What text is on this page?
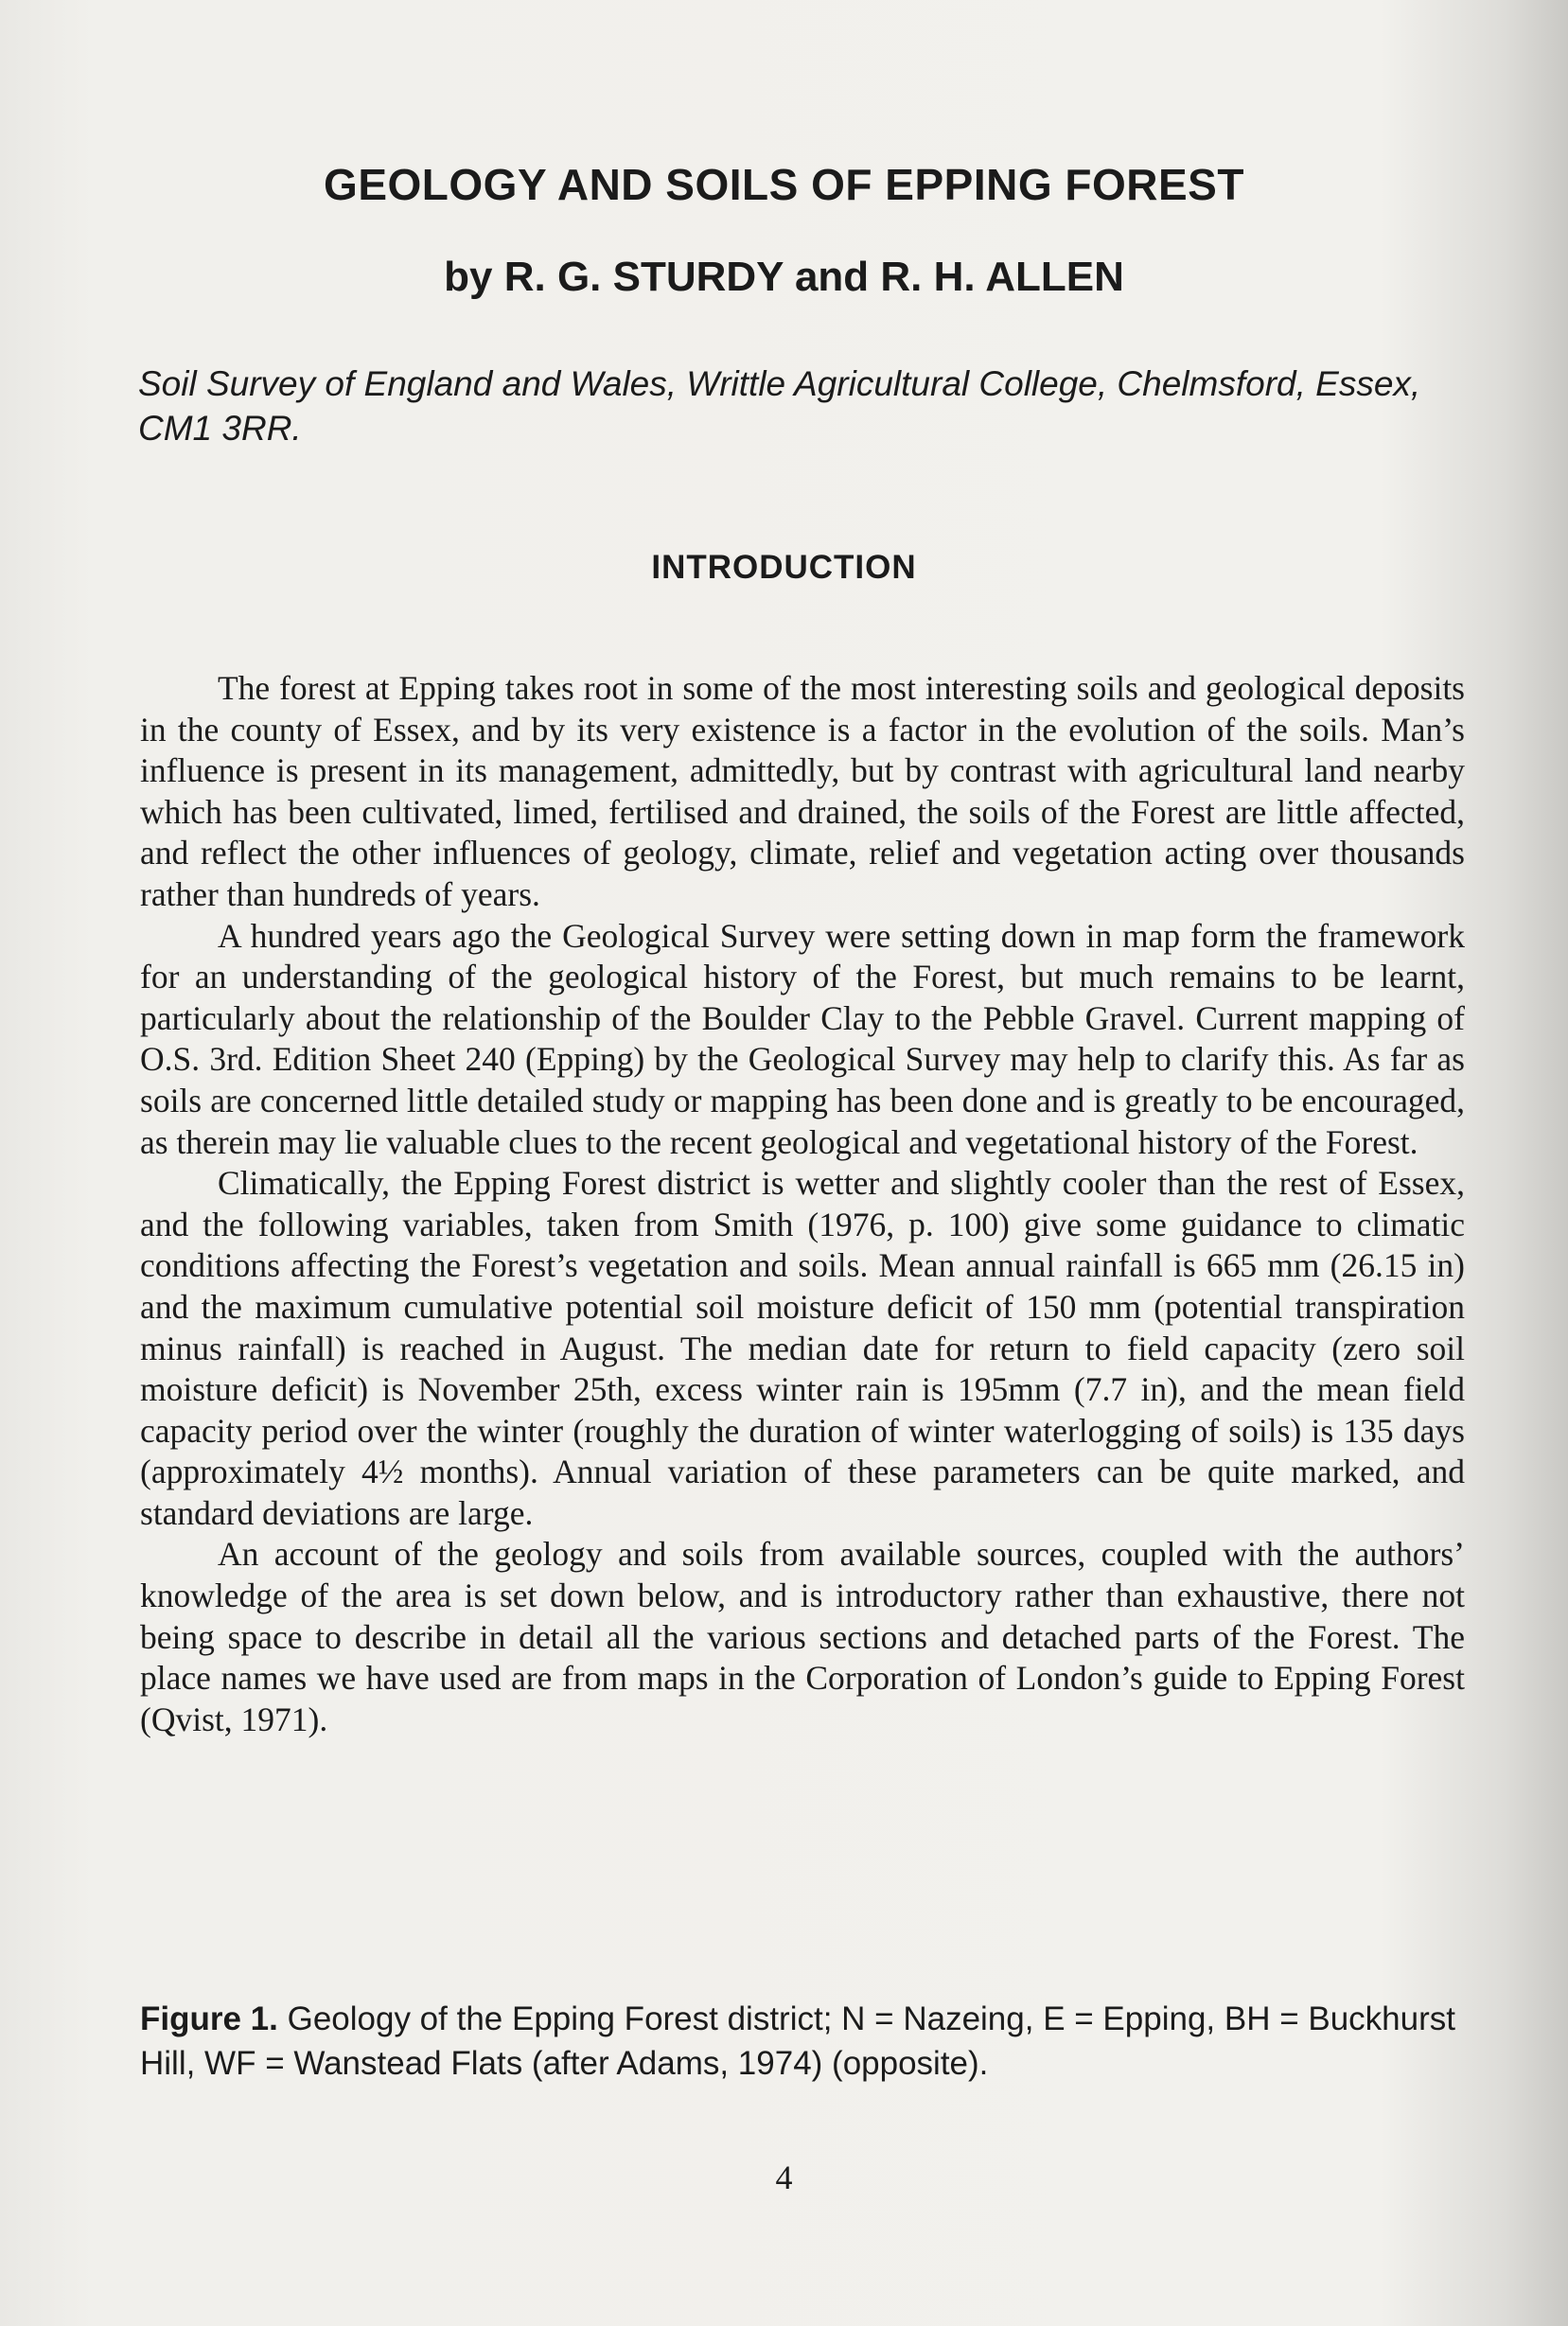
GEOLOGY AND SOILS OF EPPING FOREST
by R. G. STURDY and R. H. ALLEN

Soil Survey of England and Wales, Writtle Agricultural College, Chelmsford, Essex, CM1 3RR.

INTRODUCTION

The forest at Epping takes root in some of the most interesting soils and geological deposits in the county of Essex, and by its very existence is a factor in the evolution of the soils. Man’s influence is present in its management, admittedly, but by contrast with agricultural land nearby which has been cultivated, limed, fertilised and drained, the soils of the Forest are little affected, and reflect the other influences of geology, climate, relief and vegetation acting over thousands rather than hundreds of years.

A hundred years ago the Geological Survey were setting down in map form the framework for an understanding of the geological history of the Forest, but much remains to be learnt, particularly about the relationship of the Boulder Clay to the Pebble Gravel. Current mapping of O.S. 3rd. Edition Sheet 240 (Epping) by the Geological Survey may help to clarify this. As far as soils are concerned little detailed study or mapping has been done and is greatly to be encouraged, as therein may lie valuable clues to the recent geological and vegetational history of the Forest.

Climatically, the Epping Forest district is wetter and slightly cooler than the rest of Essex, and the following variables, taken from Smith (1976, p. 100) give some guidance to climatic conditions affecting the Forest’s vegetation and soils. Mean annual rainfall is 665 mm (26.15 in) and the maximum cumulative potential soil moisture deficit of 150 mm (potential transpiration minus rainfall) is reached in August. The median date for return to field capacity (zero soil moisture deficit) is November 25th, excess winter rain is 195mm (7.7 in), and the mean field capacity period over the winter (roughly the duration of winter waterlogging of soils) is 135 days (approximately 4½ months). Annual variation of these parameters can be quite marked, and standard deviations are large.

An account of the geology and soils from available sources, coupled with the authors’ knowledge of the area is set down below, and is introductory rather than exhaustive, there not being space to describe in detail all the various sections and detached parts of the Forest. The place names we have used are from maps in the Corporation of London’s guide to Epping Forest (Qvist, 1971).

Figure 1. Geology of the Epping Forest district; N = Nazeing, E = Epping, BH = Buckhurst Hill, WF = Wanstead Flats (after Adams, 1974) (opposite).

4
